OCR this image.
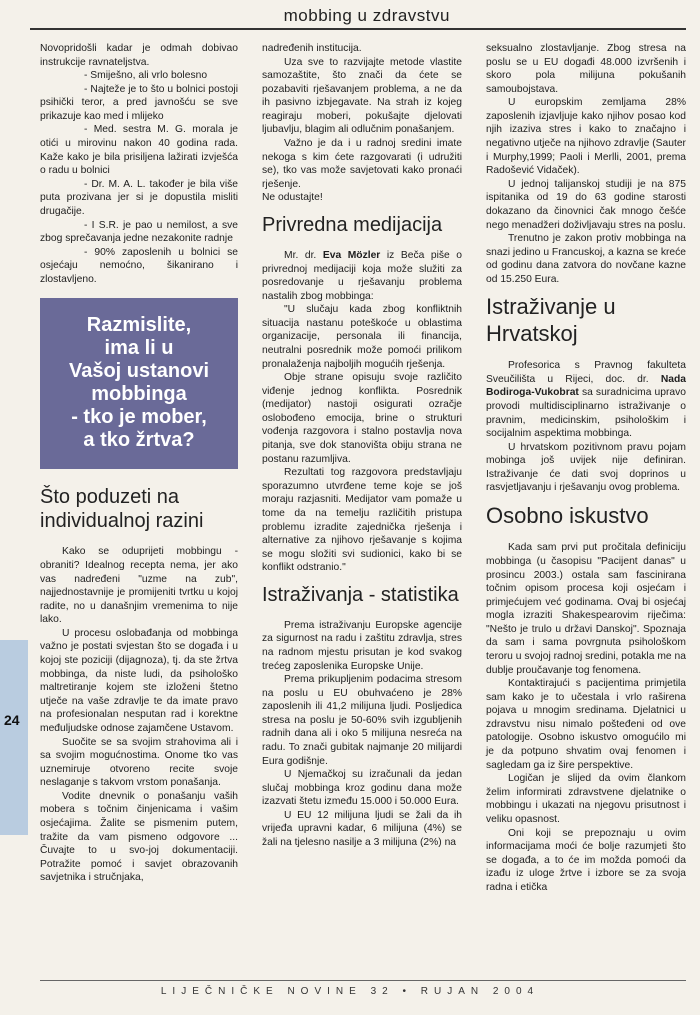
mobbing u zdravstvu
24

Novopridošli kadar je odmah dobivao instrukcije ravnateljstva.

- Smiješno, ali vrlo bolesno

- Najteže je to što u bolnici postoji psihički teror, a pred javnošću se sve prikazuje kao med i mlijeko

- Med. sestra M. G. morala je otići u mirovinu nakon 40 godina rada. Kaže kako je bila prisiljena lažirati izvješća o radu u bolnici

- Dr. M. A. L. također je bila više puta prozivana jer si je dopustila misliti drugačije.

- I S.R. je pao u nemilost, a sve zbog sprečavanja jedne nezakonite radnje

- 90% zaposlenih u bolnici se osjećaju nemoćno, šikanirano i zlostavljeno.

Razmislite,
ima li u
Vašoj ustanovi
mobbinga
- tko je mober,
a tko žrtva?
Što poduzeti na individualnoj razini

Kako se oduprijeti mobbingu - obraniti? Idealnog recepta nema, jer ako vas nadređeni "uzme na zub", najjednostavnije je promijeniti tvrtku u kojoj radite, no u današnjim vremenima to nije lako.

U procesu oslobađanja od mobbinga važno je postati svjestan što se događa i u kojoj ste poziciji (dijagnoza), tj. da ste žrtva mobbinga, da niste ludi, da psihološko maltretiranje kojem ste izloženi štetno utječe na vaše zdravlje te da imate pravo na profesionalan nesputan rad i korektne međuljudske odnose zajamčene Ustavom.

Suočite se sa svojim strahovima ali i sa svojim mogućnostima. Onome tko vas uznemiruje otvoreno recite svoje neslaganje s takvom vrstom ponašanja.

Vodite dnevnik o ponašanju vaših mobera s točnim činjenicama i vašim osjećajima. Žalite se pismenim putem, tražite da vam pismeno odgovore ... Čuvajte to u svo-joj dokumentaciji. Potražite pomoć i savjet obrazovanih savjetnika i stručnjaka,

nadređenih institucija.

Uza sve to razvijajte metode vlastite samozaštite, što znači da ćete se pozabaviti rješavanjem problema, a ne da ih pasivno izbjegavate. Na strah iz kojeg reagiraju moberi, pokušajte djelovati ljubavlju, blagim ali odlučnim ponašanjem.

Važno je da i u radnoj sredini imate nekoga s kim ćete razgovarati (i udružiti se), tko vas može savjetovati kako pronaći rješenje.

Ne odustajte!

Privredna medijacija

Mr. dr. Eva Mözler iz Beča piše o privrednoj medijaciji koja može služiti za posredovanje u rješavanju problema nastalih zbog mobbinga:

"U slučaju kada zbog konfliktnih situacija nastanu poteškoće u oblastima organizacije, personala ili financija, neutralni posrednik može pomoći prilikom pronalaženja najboljih mogućih rješenja.

Obje strane opisuju svoje različito viđenje jednog konflikta. Posrednik (medijator) nastoji osigurati ozračje oslobođeno emocija, brine o strukturi vođenja razgovora i stalno postavlja nova pitanja, sve dok stanovišta obiju strana ne postanu razumljiva.

Rezultati tog razgovora predstavljaju sporazumno utvrđene teme koje se još moraju razjasniti. Medijator vam pomaže u tome da na temelju različitih pristupa problemu izradite zajednička rješenja i alternative za njihovo rješavanje s kojima se mogu složiti svi sudionici, kako bi se konflikt odstranio."

Istraživanja - statistika

Prema istraživanju Europske agencije za sigurnost na radu i zaštitu zdravlja, stres na radnom mjestu prisutan je kod svakog trećeg zaposlenika Europske Unije.

Prema prikupljenim podacima stresom na poslu u EU obuhvaćeno je 28% zaposlenih ili 41,2 milijuna ljudi. Posljedica stresa na poslu je 50-60% svih izgubljenih radnih dana ali i oko 5 milijuna nesreća na radu. To znači gubitak najmanje 20 milijardi Eura godišnje.

U Njemačkoj su izračunali da jedan slučaj mobbinga kroz godinu dana može izazvati štetu između 15.000 i 50.000 Eura.

U EU 12 milijuna ljudi se žali da ih vrijeđa upravni kadar, 6 milijuna (4%) se žali na tjelesno nasilje a 3 milijuna (2%) na

seksualno zlostavljanje. Zbog stresa na poslu se u EU događi 48.000 izvršenih i skoro pola milijuna pokušanih samoubojstava.

U europskim zemljama 28% zaposlenih izjavljuje kako njihov posao kod njih izaziva stres i kako to značajno i negativno utječe na njihovo zdravlje (Sauter i Murphy,1999; Paoli i Merlli, 2001, prema Radošević Vidaček).

U jednoj talijanskoj studiji je na 875 ispitanika od 19 do 63 godine starosti dokazano da činovnici čak mnogo češće nego menadžeri doživljavaju stres na poslu.

Trenutno je zakon protiv mobbinga na snazi jedino u Francuskoj, a kazna se kreće od godinu dana zatvora do novčane kazne od 15.250 Eura.

Istraživanje u Hrvatskoj

Profesorica s Pravnog fakulteta Sveučilišta u Rijeci, doc. dr. Nada Bodiroga-Vukobrat sa suradnicima upravo provodi multidisciplinarno istraživanje o pravnim, medicinskim, psihološkim i socijalnim aspektima mobbinga.

U hrvatskom pozitivnom pravu pojam mobinga još uvijek nije definiran. Istraživanje će dati svoj doprinos u rasvjetljavanju i rješavanju ovog problema.

Osobno iskustvo

Kada sam prvi put pročitala definiciju mobbinga (u časopisu "Pacijent danas" u prosincu 2003.) ostala sam fascinirana točnim opisom procesa koji osjećam i primjećujem već godinama. Ovaj bi osjećaj mogla izraziti Shakespearovim riječima: "Nešto je trulo u državi Danskoj". Spoznaja da sam i sama povrgnuta psihološkom teroru u svojoj radnoj sredini, potakla me na dublje proučavanje tog fenomena.

Kontaktirajući s pacijentima primjetila sam kako je to učestala i vrlo raširena pojava u mnogim sredinama. Djelatnici u zdravstvu nisu nimalo pošteđeni od ove patologije. Osobno iskustvo omogućilo mi je da potpuno shvatim ovaj fenomen i sagledam ga iz šire perspektive.

Logičan je slijed da ovim člankom želim informirati zdravstvene djelatnike o mobbingu i ukazati na njegovu prisutnost i veliku opasnost.

Oni koji se prepoznaju u ovim informacijama moći će bolje razumjeti što se događa, a to će im možda pomoći da izađu iz uloge žrtve i izbore se za svoja radna i etička

LIJEČNIČKE NOVINE 32 • RUJAN 2004
